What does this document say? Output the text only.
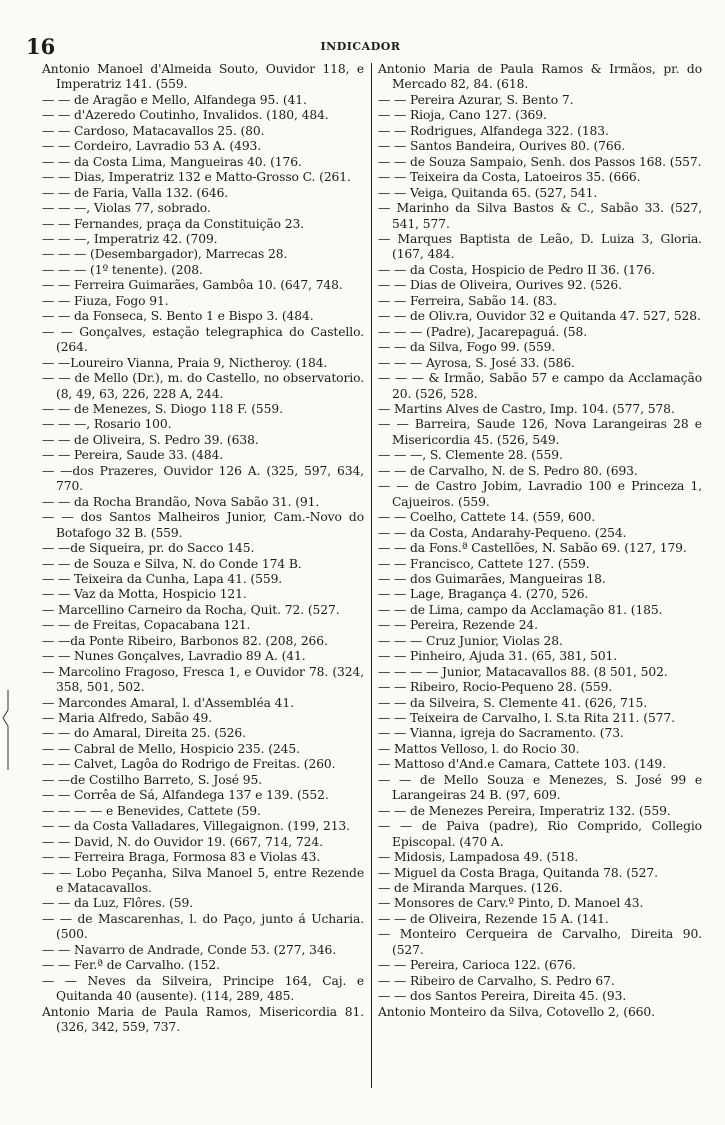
16	INDICADOR

Antonio Manoel d'Almeida Souto, Ouvidor 118, e Imperatriz 141. (559.

— — de Aragão e Mello, Alfandega 95. (41.

— — d'Azeredo Coutinho, Invalidos. (180, 484.

— — Cardoso, Matacavallos 25. (80.

— — Cordeiro, Lavradio 53 A. (493.

— — da Costa Lima, Mangueiras 40. (176.

— — Dias, Imperatriz 132 e Matto-Grosso C. (261.

— — de Faria, Valla 132. (646.

— — —, Violas 77, sobrado.

— — Fernandes, praça da Constituição 23.

— — —, Imperatriz 42. (709.

— — — (Desembargador), Marrecas 28.

— — — (1º tenente). (208.

— — Ferreira Guimarães, Gambôa 10. (647, 748.

— — Fiuza, Fogo 91.

— — da Fonseca, S. Bento 1 e Bispo 3. (484.

— — Gonçalves, estação telegraphica do Castello. (264.

— —Loureiro Vianna, Praia 9, Nictheroy. (184.

— — de Mello (Dr.), m. do Castello, no observatorio. (8, 49, 63, 226, 228 A, 244.

— — de Menezes, S. Diogo 118 F. (559.

— — —, Rosario 100.

— — de Oliveira, S. Pedro 39. (638.

— — Pereira, Saude 33. (484.

— —dos Prazeres, Ouvidor 126 A. (325, 597, 634, 770.

— — da Rocha Brandão, Nova Sabão 31. (91.

— — dos Santos Malheiros Junior, Cam.-Novo do Botafogo 32 B. (559.

— —de Siqueira, pr. do Sacco 145.

— — de Souza e Silva, N. do Conde 174 B.

— — Teixeira da Cunha, Lapa 41. (559.

— — Vaz da Motta, Hospicio 121.

— Marcellino Carneiro da Rocha, Quit. 72. (527.

— — de Freitas, Copacabana 121.

— —da Ponte Ribeiro, Barbonos 82. (208, 266.

— — Nunes Gonçalves, Lavradio 89 A. (41.

— Marcolino Fragoso, Fresca 1, e Ouvidor 78. (324, 358, 501, 502.

— Marcondes Amaral, l. d'Assembléa 41.

— Maria Alfredo, Sabão 49.

— — do Amaral, Direita 25. (526.

— — Cabral de Mello, Hospicio 235. (245.

— — Calvet, Lagôa do Rodrigo de Freitas. (260.

— —de Costilho Barreto, S. José 95.

— — Corrêa de Sá, Alfandega 137 e 139. (552.

— — — — e Benevides, Cattete (59.

— — da Costa Valladares, Villegaignon. (199, 213.

— — David, N. do Ouvidor 19. (667, 714, 724.

— — Ferreira Braga, Formosa 83 e Violas 43.

— — Lobo Peçanha, Silva Manoel 5, entre Rezende e Matacavallos.

— — da Luz, Flôres. (59.

— — de Mascarenhas, l. do Paço, junto á Ucharia. (500.

— — Navarro de Andrade, Conde 53. (277, 346.

— — Fer.ª de Carvalho. (152.

— — Neves da Silveira, Principe 164, Caj. e Quitanda 40 (ausente). (114, 289, 485.

Antonio Maria de Paula Ramos, Misericordia 81. (326, 342, 559, 737.

Antonio Maria de Paula Ramos & Irmãos, pr. do Mercado 82, 84. (618.

— — Pereira Azurar, S. Bento 7.

— — Rioja, Cano 127. (369.

— — Rodrigues, Alfandega 322. (183.

— — Santos Bandeira, Ourives 80. (766.

— — de Souza Sampaio, Senh. dos Passos 168. (557.

— — Teixeira da Costa, Latoeiros 35. (666.

— — Veiga, Quitanda 65. (527, 541.

— Marinho da Silva Bastos & C., Sabão 33. (527, 541, 577.

— Marques Baptista de Leão, D. Luiza 3, Gloria. (167, 484.

— — da Costa, Hospicio de Pedro II 36. (176.

— — Dias de Oliveira, Ourives 92. (526.

— — Ferreira, Sabão 14. (83.

— — de Oliv.ra, Ouvidor 32 e Quitanda 47. 527, 528.

— — — (Padre), Jacarepaguá. (58.

— — da Silva, Fogo 99. (559.

— — — Ayrosa, S. José 33. (586.

— — — & Irmão, Sabão 57 e campo da Acclamação 20. (526, 528.

— Martins Alves de Castro, Imp. 104. (577, 578.

— — Barreira, Saude 126, Nova Larangeiras 28 e Misericordia 45. (526, 549.

— — —, S. Clemente 28. (559.

— — de Carvalho, N. de S. Pedro 80. (693.

— — de Castro Jobim, Lavradio 100 e Princeza 1, Cajueiros. (559.

— — Coelho, Cattete 14. (559, 600.

— — da Costa, Andarahy-Pequeno. (254.

— — da Fons.ª Castellões, N. Sabão 69. (127, 179.

— — Francisco, Cattete 127. (559.

— — dos Guimarães, Mangueiras 18.

— — Lage, Bragança 4. (270, 526.

— — de Lima, campo da Acclamação 81. (185.

— — Pereira, Rezende 24.

— — — Cruz Junior, Violas 28.

— — Pinheiro, Ajuda 31. (65, 381, 501.

— — — — Junior, Matacavallos 88. (8 501, 502.

— — Ribeiro, Rocio-Pequeno 28. (559.

— — da Silveira, S. Clemente 41. (626, 715.

— — Teixeira de Carvalho, l. S.ta Rita 211. (577.

— — Vianna, igreja do Sacramento. (73.

— Mattos Velloso, l. do Rocio 30.

— Mattoso d'And.e Camara, Cattete 103. (149.

— — de Mello Souza e Menezes, S. José 99 e Larangeiras 24 B. (97, 609.

— — de Menezes Pereira, Imperatriz 132. (559.

— — de Paiva (padre), Rio Comprido, Collegio Episcopal. (470 A.

— Midosis, Lampadosa 49. (518.

— Miguel da Costa Braga, Quitanda 78. (527.

— de Miranda Marques. (126.

— Monsores de Carv.º Pinto, D. Manoel 43.

— — de Oliveira, Rezende 15 A. (141.

— Monteiro Cerqueira de Carvalho, Direita 90. (527.

— — Pereira, Carioca 122. (676.

— — Ribeiro de Carvalho, S. Pedro 67.

— — dos Santos Pereira, Direita 45. (93.

Antonio Monteiro da Silva, Cotovello 2, (660.
